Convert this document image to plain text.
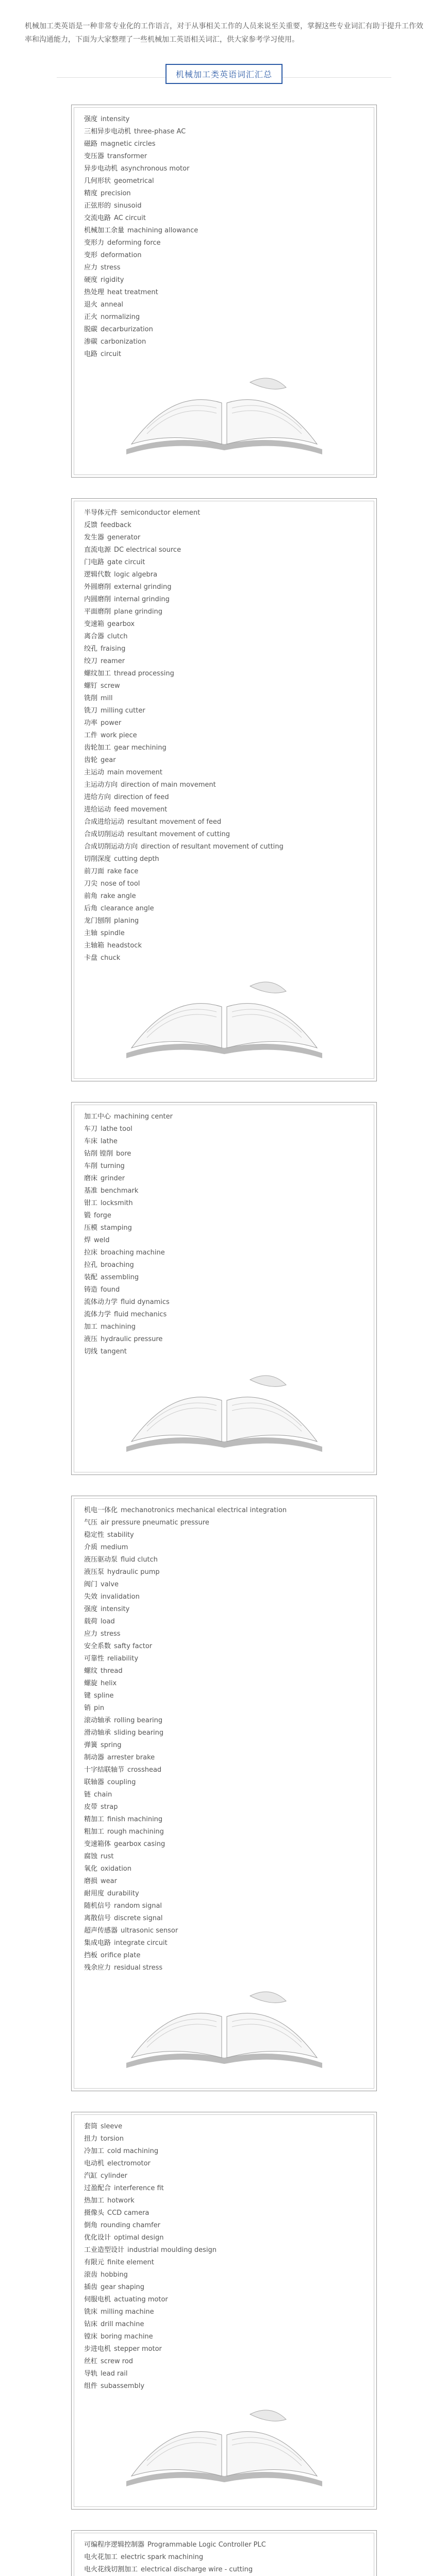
机械加工类英语是一种非常专业化的工作语言，对于从事相关工作的人员来说至关重要，掌握这些专业词汇有助于提升工作效率和沟通能力，下面为大家整理了一些机械加工英语相关词汇，供大家参考学习使用。
机械加工类英语词汇汇总
强度 intensity
三相异步电动机 three-phase AC
磁路 magnetic circles
变压器 transformer
异步电动机 asynchronous motor
几何形状 geometrical
精度 precision
正弦形的 sinusoid
交流电路 AC circuit
机械加工余量 machining allowance
变形力 deforming force
变形 deformation
应力 stress
硬度 rigidity
热处理 heat treatment
退火 anneal
正火 normalizing
脱碳 decarburization
渗碳 carbonization
电路 circuit
半导体元件 semiconductor element
反馈 feedback
发生器 generator
直流电源 DC electrical source
门电路 gate circuit
逻辑代数 logic algebra
外圆磨削 external grinding
内圆磨削 internal grinding
平面磨削 plane grinding
变速箱 gearbox
离合器 clutch
绞孔 fraising
绞刀 reamer
螺纹加工 thread processing
螺钉 screw
铣削 mill
铣刀 milling cutter
功率 power
工件 work piece
齿轮加工 gear mechining
齿轮 gear
主运动 main movement
主运动方向 direction of main movement
进给方向 direction of feed
进给运动 feed movement
合成进给运动 resultant movement of feed
合成切削运动 resultant movement of cutting
合成切削运动方向 direction of resultant movement of cutting
切削深度 cutting depth
前刀面 rake face
刀尖 nose of tool
前角 rake angle
后角 clearance angle
龙门刨削 planing
主轴 spindle
主轴箱 headstock
卡盘 chuck
加工中心 machining center
车刀 lathe tool
车床 lathe
钻削 镗削 bore
车削 turning
磨床 grinder
基准 benchmark
钳工 locksmith
锻 forge
压模 stamping
焊 weld
拉床 broaching machine
拉孔 broaching
装配 assembling
铸造 found
流体动力学 fluid dynamics
流体力学 fluid mechanics
加工 machining
液压 hydraulic pressure
切线 tangent
机电一体化 mechanotronics mechanical electrical integration
气压 air pressure pneumatic pressure
稳定性 stability
介质 medium
液压驱动泵 fluid clutch
液压泵 hydraulic pump
阀门 valve
失效 invalidation
强度 intensity
载荷 load
应力 stress
安全系数 safty factor
可靠性 reliability
螺纹 thread
螺旋 helix
键 spline
销 pin
滚动轴承 rolling bearing
滑动轴承 sliding bearing
弹簧 spring
制动器 arrester brake
十字结联轴节 crosshead
联轴器 coupling
链 chain
皮带 strap
精加工 finish machining
粗加工 rough machining
变速箱体 gearbox casing
腐蚀 rust
氧化 oxidation
磨损 wear
耐用度 durability
随机信号 random signal
离散信号 discrete signal
超声传感器 ultrasonic sensor
集成电路 integrate circuit
挡板 orifice plate
残余应力 residual stress
套筒 sleeve
扭力 torsion
冷加工 cold machining
电动机 electromotor
汽缸 cylinder
过盈配合 interference fit
热加工 hotwork
摄像头 CCD camera
倒角 rounding chamfer
优化设计 optimal design
工业造型设计 industrial moulding design
有限元 finite element
滚齿 hobbing
插齿 gear shaping
伺服电机 actuating motor
铣床 milling machine
钻床 drill machine
镗床 boring machine
步进电机 stepper motor
丝杠 screw rod
导轨 lead rail
组件 subassembly
可编程序逻辑控制器 Programmable Logic Controller PLC
电火花加工 electric spark machining
电火花线切割加工 electrical discharge wire - cutting
